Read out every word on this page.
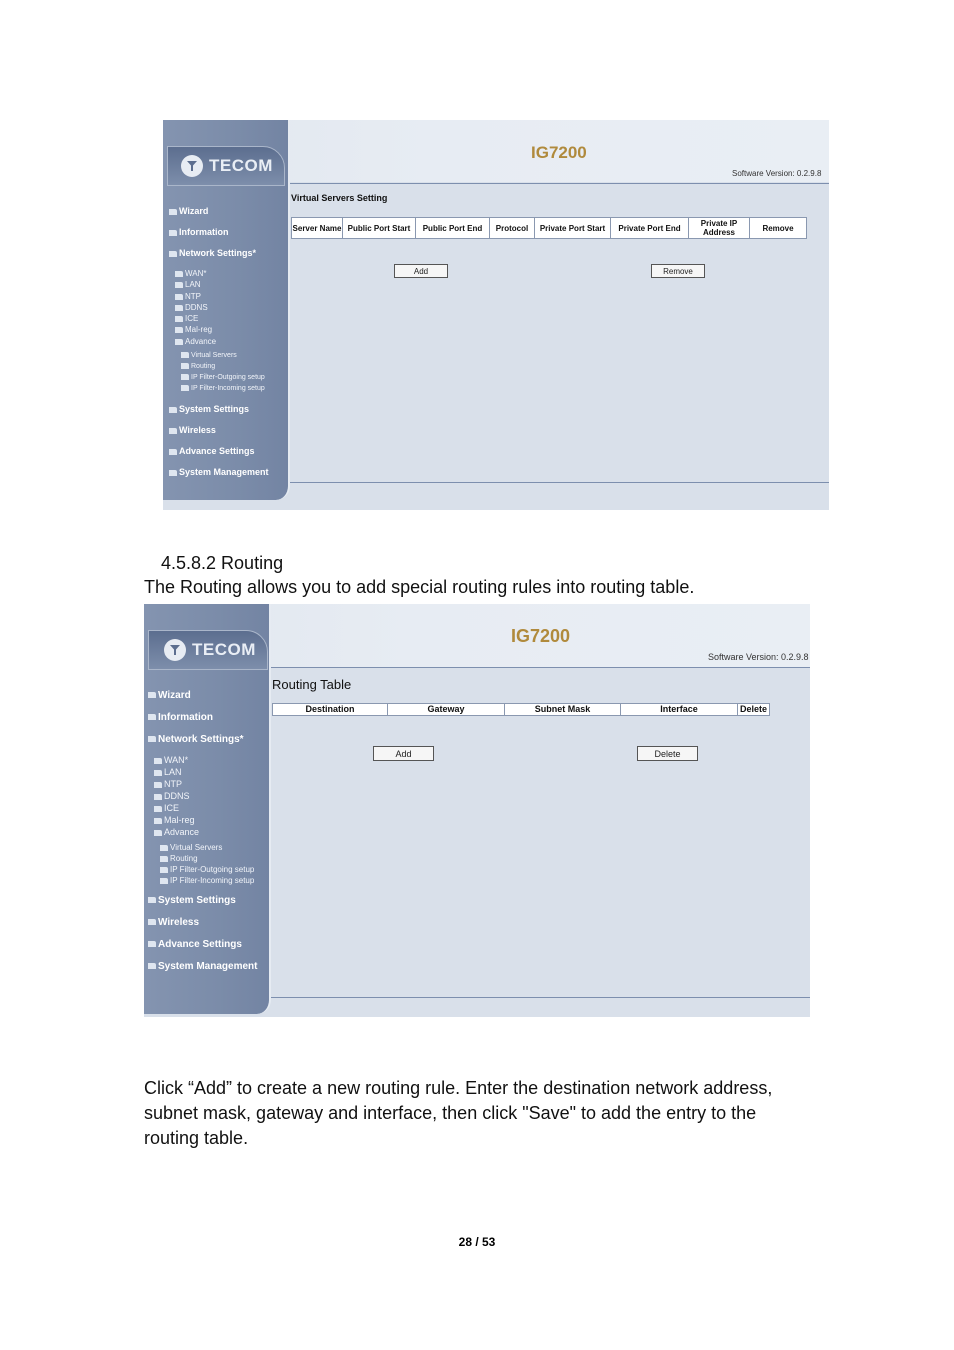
IG7200
Software Version: 0.2.9.8
TECOM
Wizard
Information
Network Settings*
WAN*
LAN
NTP
DDNS
ICE
Mal-reg
Advance
Virtual Servers
Routing
IP Filter-Outgoing setup
IP Filter-Incoming setup
System Settings
Wireless
Advance Settings
System Management
Virtual Servers Setting
Server Name	Public Port Start	Public Port End	Protocol	Private Port Start	Private Port End	Private IP Address	Remove
Add	Remove
4.5.8.2 Routing
The Routing allows you to add special routing rules into routing table.
IG7200
Software Version: 0.2.9.8
TECOM
Wizard
Information
Network Settings*
WAN*
LAN
NTP
DDNS
ICE
Mal-reg
Advance
Virtual Servers
Routing
IP Filter-Outgoing setup
IP Filter-Incoming setup
System Settings
Wireless
Advance Settings
System Management
Routing Table
Destination	Gateway	Subnet Mask	Interface	Delete
Add	Delete
Click “Add” to create a new routing rule. Enter the destination network address,
subnet mask, gateway and interface, then click "Save" to add the entry to the
routing table.
28 / 53
